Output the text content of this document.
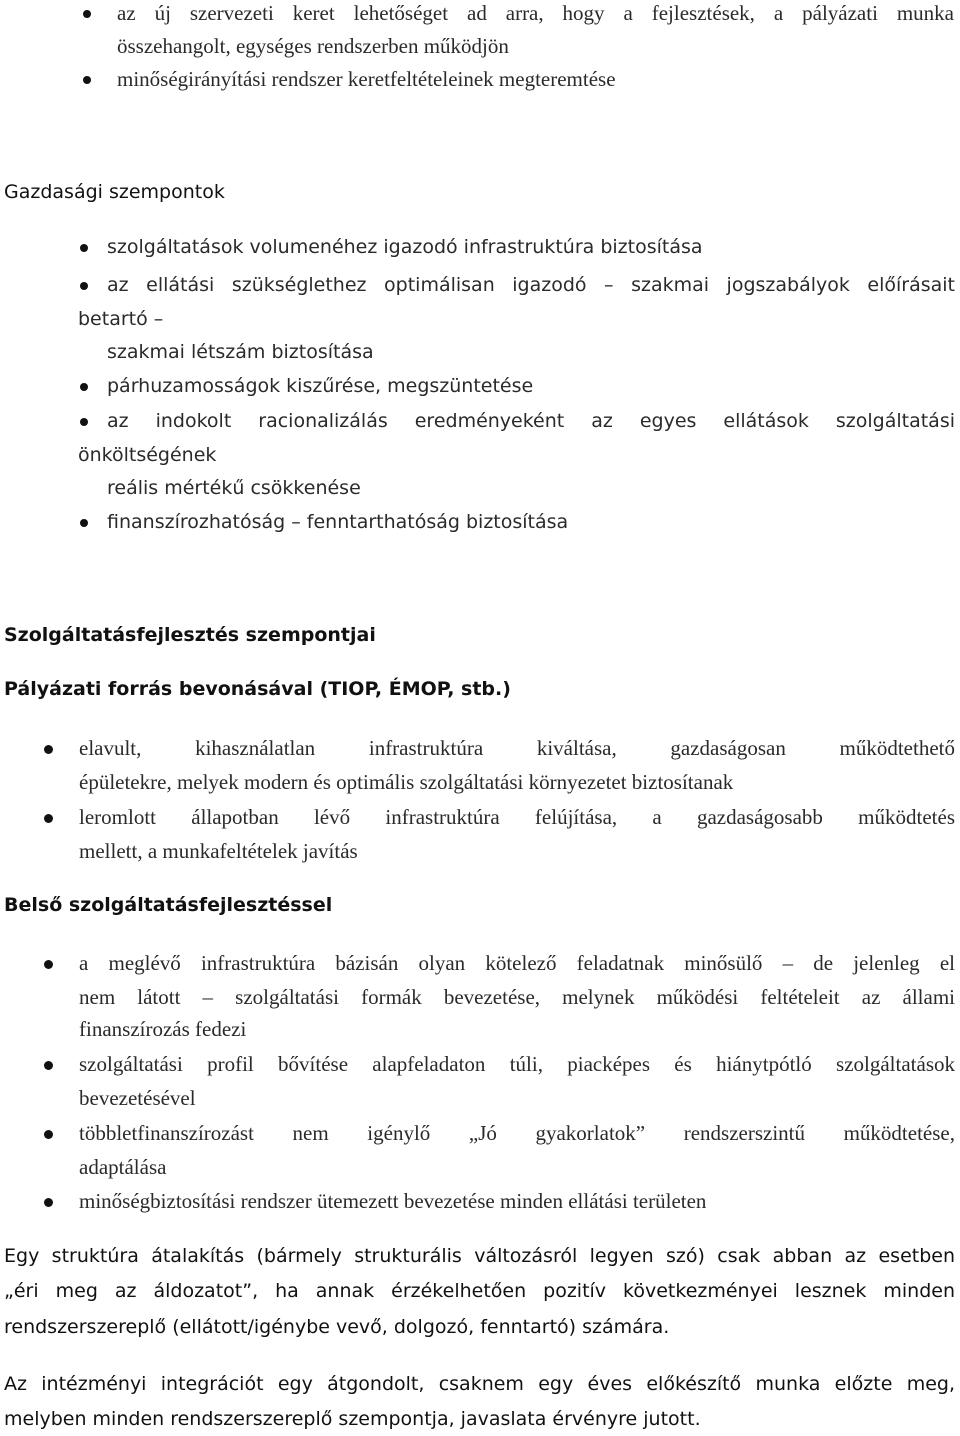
az új szervezeti keret lehetőséget ad arra, hogy a fejlesztések, a pályázati munka
összehangolt, egységes rendszerben működjön
minőségirányítási rendszer keretfeltételeinek megteremtése
Gazdasági szempontok
szolgáltatások volumenéhez igazodó infrastruktúra biztosítása
az ellátási szükséglethez optimálisan igazodó – szakmai jogszabályok előírásait
betartó –
szakmai létszám biztosítása
párhuzamosságok kiszűrése, megszüntetése
az indokolt racionalizálás eredményeként az egyes ellátások szolgáltatási
önköltségének
reális mértékű csökkenése
finanszírozhatóság – fenntarthatóság biztosítása
Szolgáltatásfejlesztés szempontjai
Pályázati forrás bevonásával (TIOP, ÉMOP, stb.)
elavult, kihasználatlan infrastruktúra kiváltása, gazdaságosan működtethető
épületekre, melyek modern és optimális szolgáltatási környezetet biztosítanak
leromlott állapotban lévő infrastruktúra felújítása, a gazdaságosabb működtetés
mellett, a munkafeltételek javítás
Belső szolgáltatásfejlesztéssel
a meglévő infrastruktúra bázisán olyan kötelező feladatnak minősülő – de jelenleg el
nem látott – szolgáltatási formák bevezetése, melynek működési feltételeit az állami
finanszírozás fedezi
szolgáltatási profil bővítése alapfeladaton túli, piacképes és hiánytpótló szolgáltatások
bevezetésével
többletfinanszírozást nem igénylő „Jó gyakorlatok” rendszerszintű működtetése,
adaptálása
minőségbiztosítási rendszer ütemezett bevezetése minden ellátási területen
Egy struktúra átalakítás (bármely strukturális változásról legyen szó) csak abban az esetben
„éri meg az áldozatot”, ha annak érzékelhetően pozitív következményei lesznek minden
rendszerszereplő (ellátott/igénybe vevő, dolgozó, fenntartó) számára.
Az intézményi integrációt egy átgondolt, csaknem egy éves előkészítő munka előzte meg,
melyben minden rendszerszereplő szempontja, javaslata érvényre jutott.
